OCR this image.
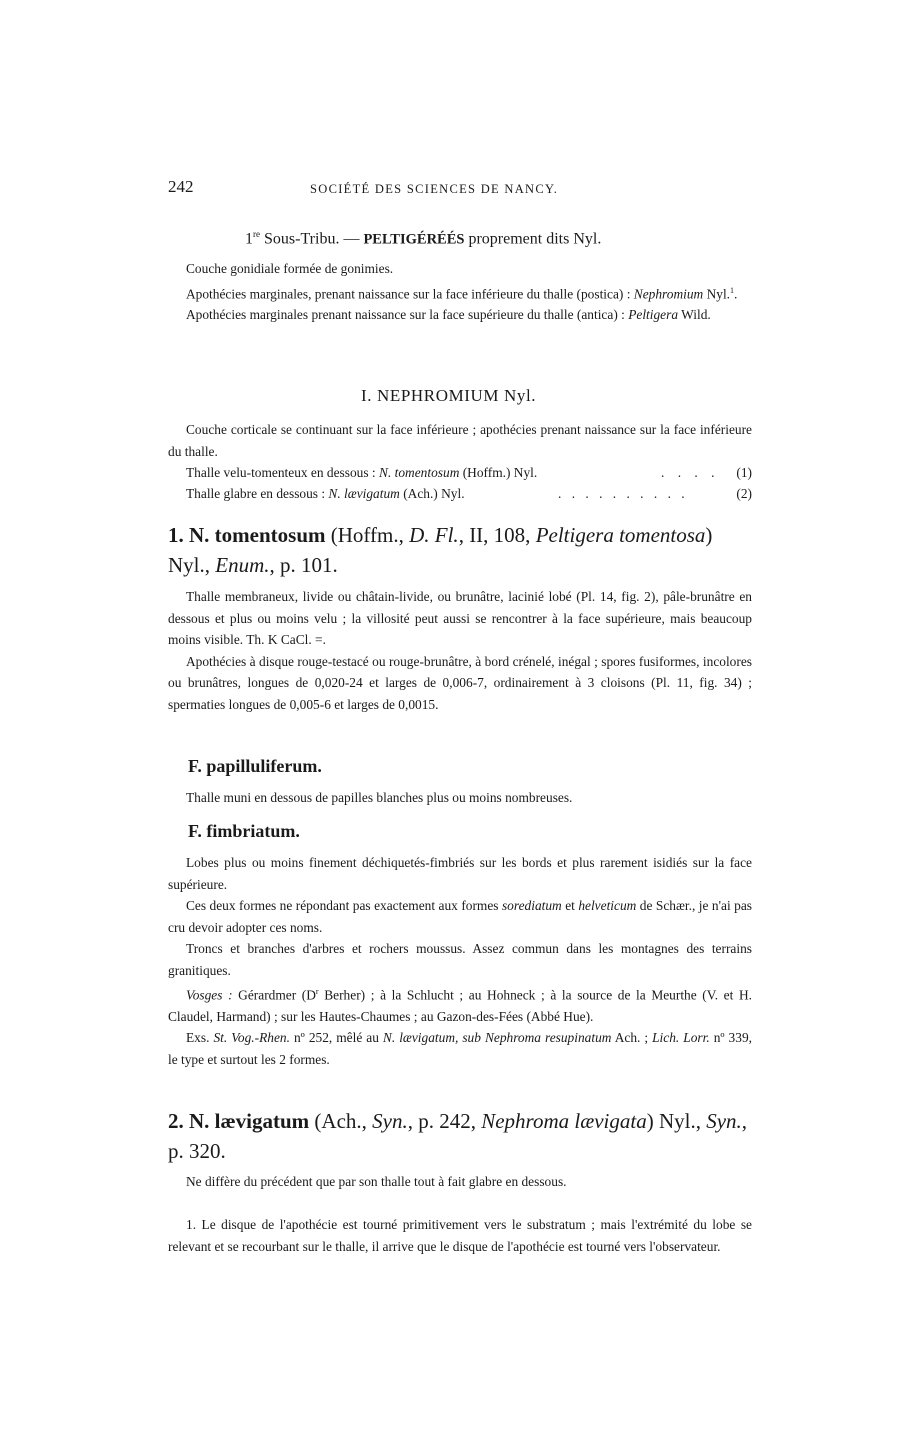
242	SOCIÉTÉ DES SCIENCES DE NANCY.
1re Sous-Tribu. — PELTIGÉRÉÉS proprement dits Nyl.

Couche gonidiale formée de gonimies.

Apothécies marginales, prenant naissance sur la face inférieure du thalle (postica) : Nephromium Nyl.$^1$.

Apothécies marginales prenant naissance sur la face supérieure du thalle (antica) : Peltigera Wild.

I. NEPHROMIUM Nyl.

Couche corticale se continuant sur la face inférieure ; apothécies prenant naissance sur la face inférieure du thalle.

Thalle velu-tomenteux en dessous : N. tomentosum (Hoffm.) Nyl.	. . . . (1)
Thalle glabre en dessous : N. lævigatum (Ach.) Nyl.	. . . . . . . . . .	(2)
1. N. tomentosum (Hoffm., D. Fl., II, 108, Peltigera tomentosa) Nyl., Enum., p. 101.

Thalle membraneux, livide ou châtain-livide, ou brunâtre, lacinié lobé (Pl. 14, fig. 2), pâle-brunâtre en dessous et plus ou moins velu ; la villosité peut aussi se rencontrer à la face supérieure, mais beaucoup moins visible. Th. K CaCl. =.

Apothécies à disque rouge-testacé ou rouge-brunâtre, à bord crénelé, inégal ; spores fusiformes, incolores ou brunâtres, longues de 0,020-24 et larges de 0,006-7, ordinairement à 3 cloisons (Pl. 11, fig. 34) ; spermaties longues de 0,005-6 et larges de 0,0015.

F. papilluliferum.

Thalle muni en dessous de papilles blanches plus ou moins nombreuses.

F. fimbriatum.

Lobes plus ou moins finement déchiquetés-fimbriés sur les bords et plus rarement isidiés sur la face supérieure.

Ces deux formes ne répondant pas exactement aux formes sorediatum et helveticum de Schær., je n'ai pas cru devoir adopter ces noms.

Troncs et branches d'arbres et rochers moussus. Assez commun dans les montagnes des terrains granitiques.

Vosges : Gérardmer ($D^r$ Berher) ; à la Schlucht ; au Hohneck ; à la source de la Meurthe (V. et H. Claudel, Harmand) ; sur les Hautes-Chaumes ; au Gazon-des-Fées (Abbé Hue).

Exs. St. Vog.-Rhen. nº 252, mêlé au N. lævigatum, sub Nephroma resupinatum Ach. ; Lich. Lorr. nº 339, le type et surtout les 2 formes.

2. N. lævigatum (Ach., Syn., p. 242, Nephroma lævigata) Nyl., Syn., p. 320.

Ne diffère du précédent que par son thalle tout à fait glabre en dessous.

1. Le disque de l'apothécie est tourné primitivement vers le substratum ; mais l'extrémité du lobe se relevant et se recourbant sur le thalle, il arrive que le disque de l'apothécie est tourné vers l'observateur.
